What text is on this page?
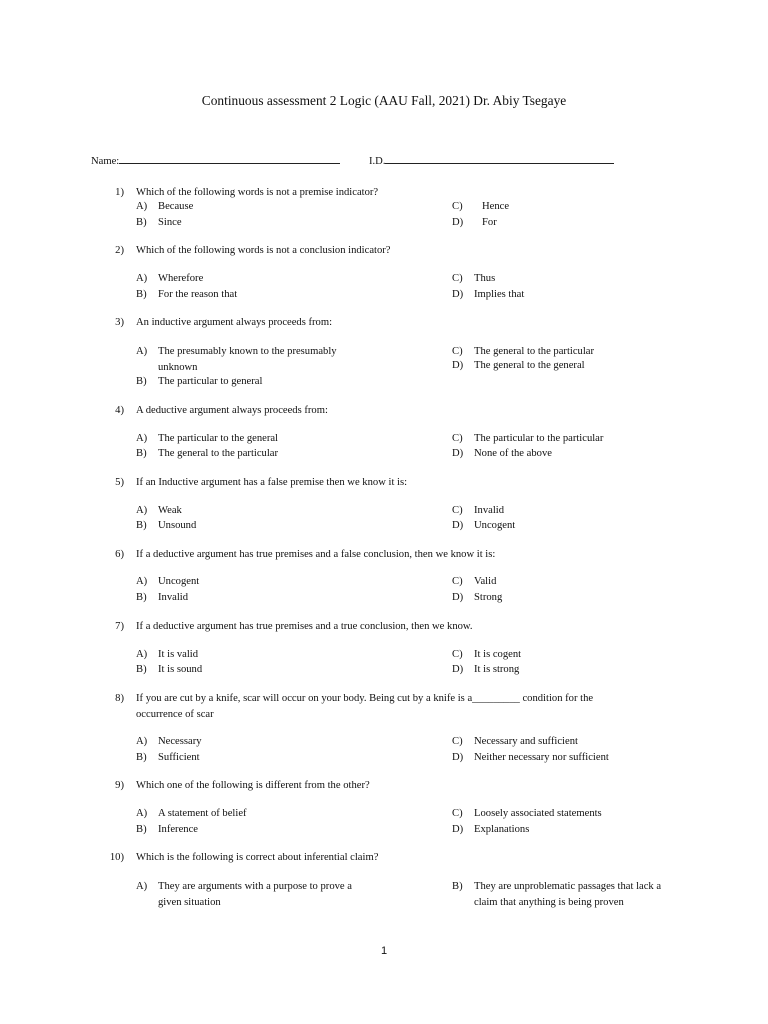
Continuous assessment 2 Logic (AAU Fall, 2021) Dr. Abiy Tsegaye
Name:	I.D.
1) Which of the following words is not a premise indicator?
A) Because
B) Since
C) Hence
D) For
2) Which of the following words is not a conclusion indicator?
A) Wherefore
B) For the reason that
C) Thus
D) Implies that
3) An inductive argument always proceeds from:
A) The presumably known to the presumably unknown
B) The particular to general
C) The general to the particular
D) The general to the general
4) A deductive argument always proceeds from:
A) The particular to the general
B) The general to the particular
C) The particular to the particular
D) None of the above
5) If an Inductive argument has a false premise then we know it is:
A) Weak
B) Unsound
C) Invalid
D) Uncogent
6) If a deductive argument has true premises and a false conclusion, then we know it is:
A) Uncogent
B) Invalid
C) Valid
D) Strong
7) If a deductive argument has true premises and a true conclusion, then we know.
A) It is valid
B) It is sound
C) It is cogent
D) It is strong
8) If you are cut by a knife, scar will occur on your body. Being cut by a knife is a_________ condition for the occurrence of scar
A) Necessary
B) Sufficient
C) Necessary and sufficient
D) Neither necessary nor sufficient
9) Which one of the following is different from the other?
A) A statement of belief
B) Inference
C) Loosely associated statements
D) Explanations
10) Which is the following is correct about inferential claim?
A) They are arguments with a purpose to prove a given situation
B) They are unproblematic passages that lack a claim that anything is being proven
1
